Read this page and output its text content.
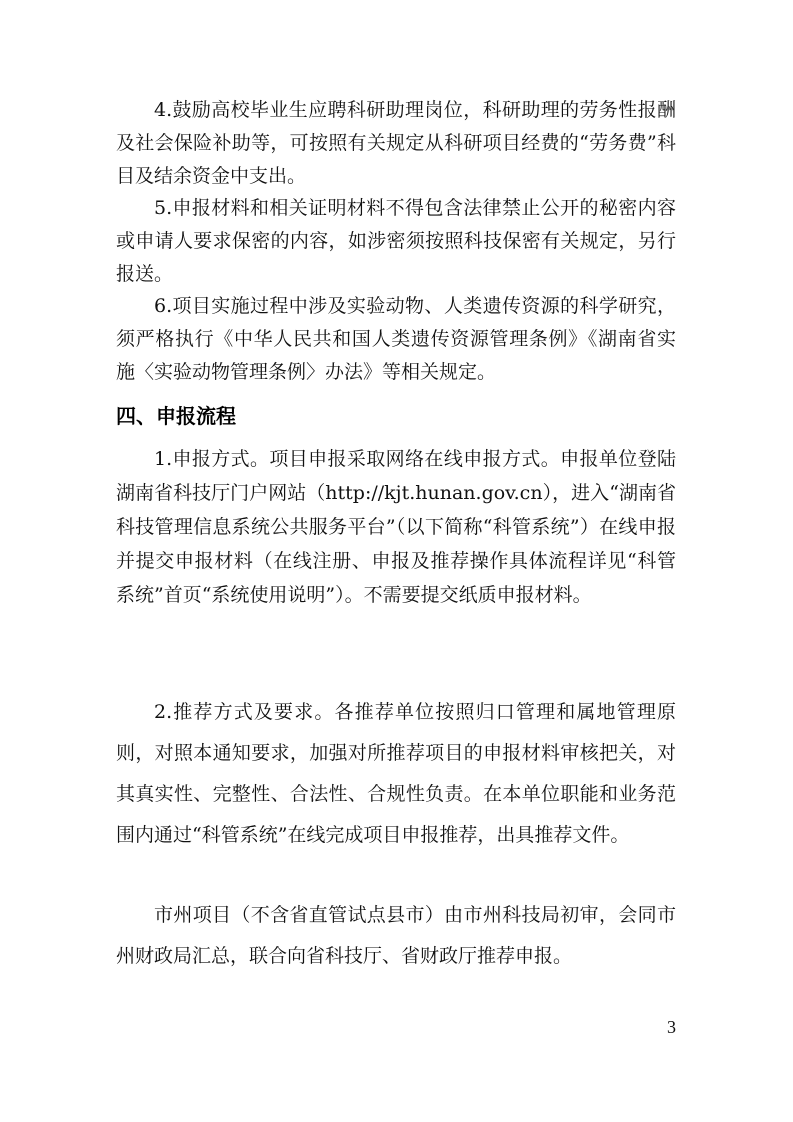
4.鼓励高校毕业生应聘科研助理岗位，科研助理的劳务性报酬及社会保险补助等，可按照有关规定从科研项目经费的“劳务费”科目及结余资金中支出。

5.申报材料和相关证明材料不得包含法律禁止公开的秘密内容或申请人要求保密的内容，如涉密须按照科技保密有关规定，另行报送。

6.项目实施过程中涉及实验动物、人类遗传资源的科学研究，须严格执行《中华人民共和国人类遗传资源管理条例》《湖南省实施〈实验动物管理条例〉办法》等相关规定。

四、申报流程

1.申报方式。项目申报采取网络在线申报方式。申报单位登陆湖南省科技厅门户网站（http://kjt.hunan.gov.cn），进入“湖南省科技管理信息系统公共服务平台”（以下简称“科管系统”）在线申报并提交申报材料（在线注册、申报及推荐操作具体流程详见“科管系统”首页“系统使用说明”）。不需要提交纸质申报材料。

2.推荐方式及要求。各推荐单位按照归口管理和属地管理原则，对照本通知要求，加强对所推荐项目的申报材料审核把关，对其真实性、完整性、合法性、合规性负责。在本单位职能和业务范围内通过“科管系统”在线完成项目申报推荐，出具推荐文件。

市州项目（不含省直管试点县市）由市州科技局初审，会同市州财政局汇总，联合向省科技厅、省财政厅推荐申报。

3
